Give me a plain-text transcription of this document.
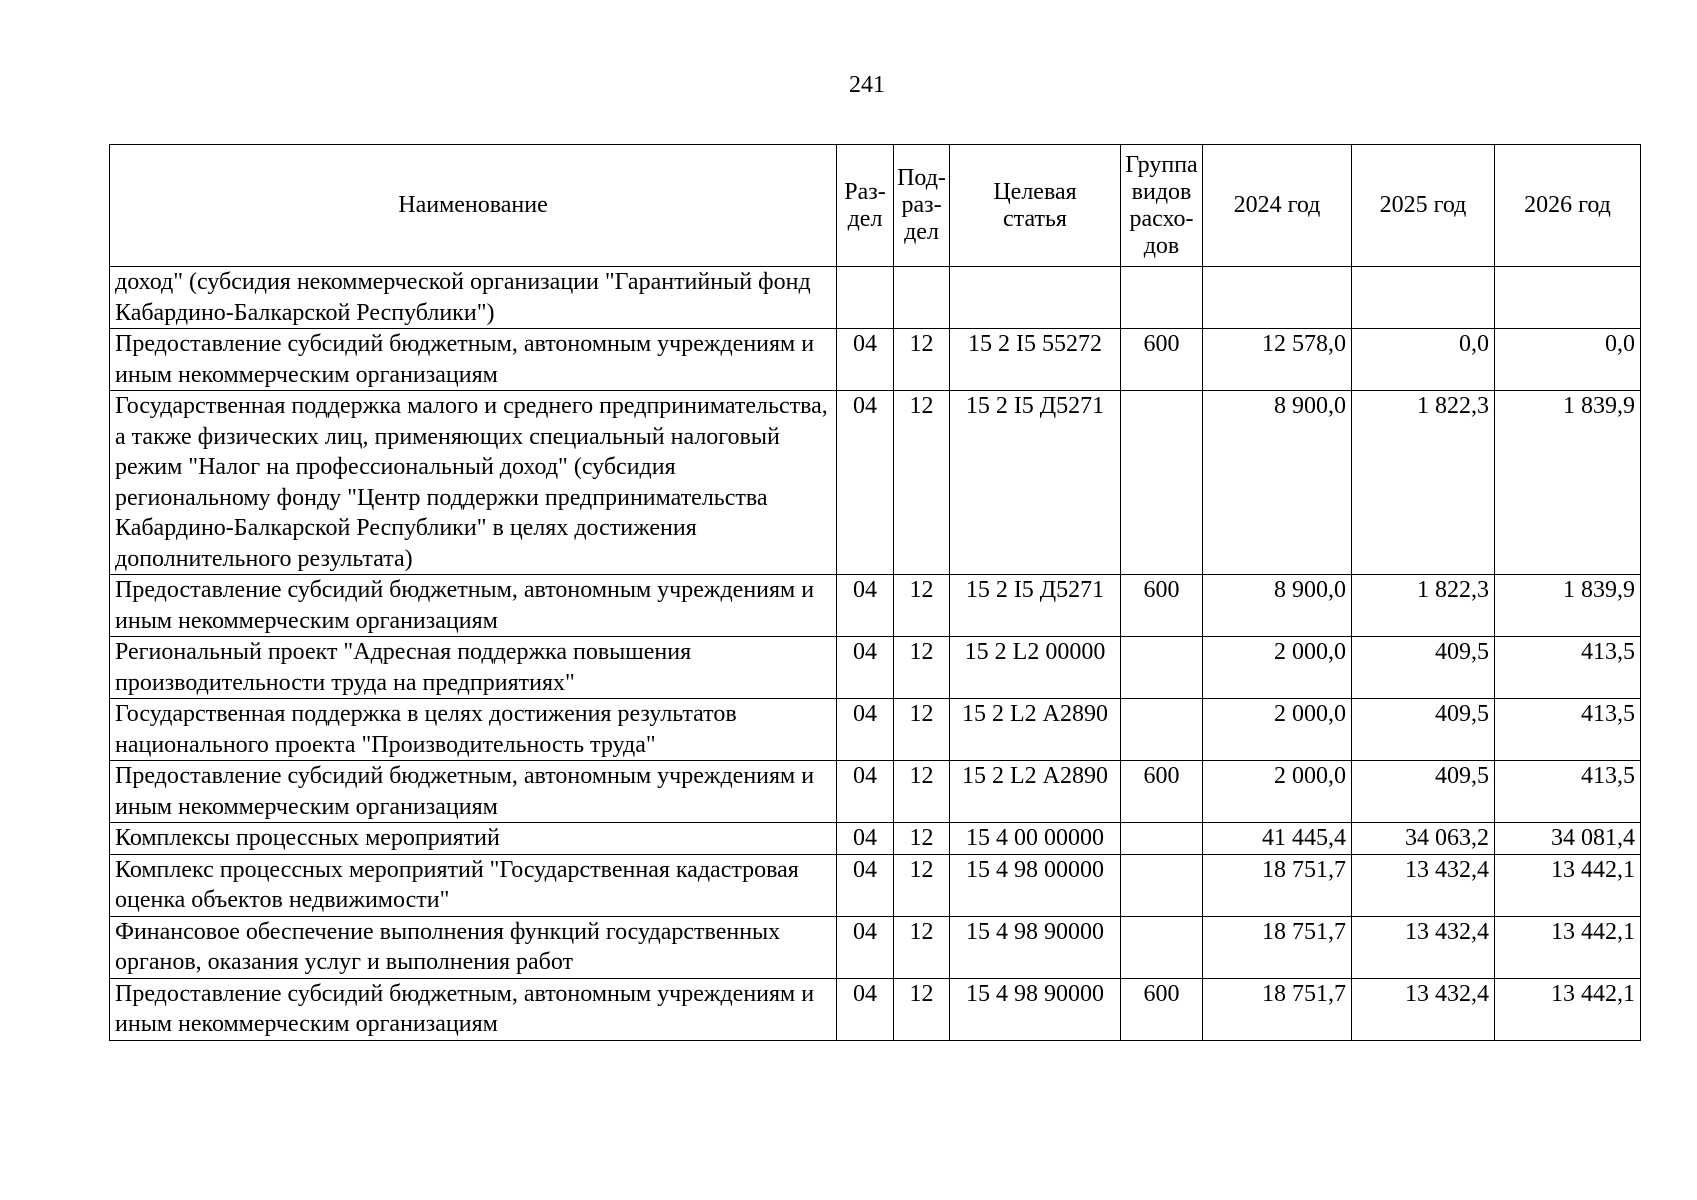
241
Наименование	Раз-
дел	Под-
раз-
дел	Целевая
статья	Группа
видов
расхо-
дов	2024 год	2025 год	2026 год
доход" (субсидия некоммерческой организации "Гарантийный фонд Кабардино-Балкарской Республики")							
Предоставление субсидий бюджетным, автономным учреждениям и иным некоммерческим организациям	04	12	15 2 I5 55272	600	12 578,0	0,0	0,0
Государственная поддержка малого и среднего предпринимательства, а также физических лиц, применяющих специальный налоговый режим "Налог на профессиональный доход" (субсидия региональному фонду "Центр поддержки предпринимательства Кабардино-Балкарской Республики" в целях достижения дополнительного результата)	04	12	15 2 I5 Д5271		8 900,0	1 822,3	1 839,9
Предоставление субсидий бюджетным, автономным учреждениям и иным некоммерческим организациям	04	12	15 2 I5 Д5271	600	8 900,0	1 822,3	1 839,9
Региональный проект "Адресная поддержка повышения производительности труда на предприятиях"	04	12	15 2 L2 00000		2 000,0	409,5	413,5
Государственная поддержка в целях достижения результатов национального проекта "Производительность труда"	04	12	15 2 L2 А2890		2 000,0	409,5	413,5
Предоставление субсидий бюджетным, автономным учреждениям и иным некоммерческим организациям	04	12	15 2 L2 А2890	600	2 000,0	409,5	413,5
Комплексы процессных мероприятий	04	12	15 4 00 00000		41 445,4	34 063,2	34 081,4
Комплекс процессных мероприятий "Государственная кадастровая оценка объектов недвижимости"	04	12	15 4 98 00000		18 751,7	13 432,4	13 442,1
Финансовое обеспечение выполнения функций государственных органов, оказания услуг и выполнения работ	04	12	15 4 98 90000		18 751,7	13 432,4	13 442,1
Предоставление субсидий бюджетным, автономным учреждениям и иным некоммерческим организациям	04	12	15 4 98 90000	600	18 751,7	13 432,4	13 442,1
